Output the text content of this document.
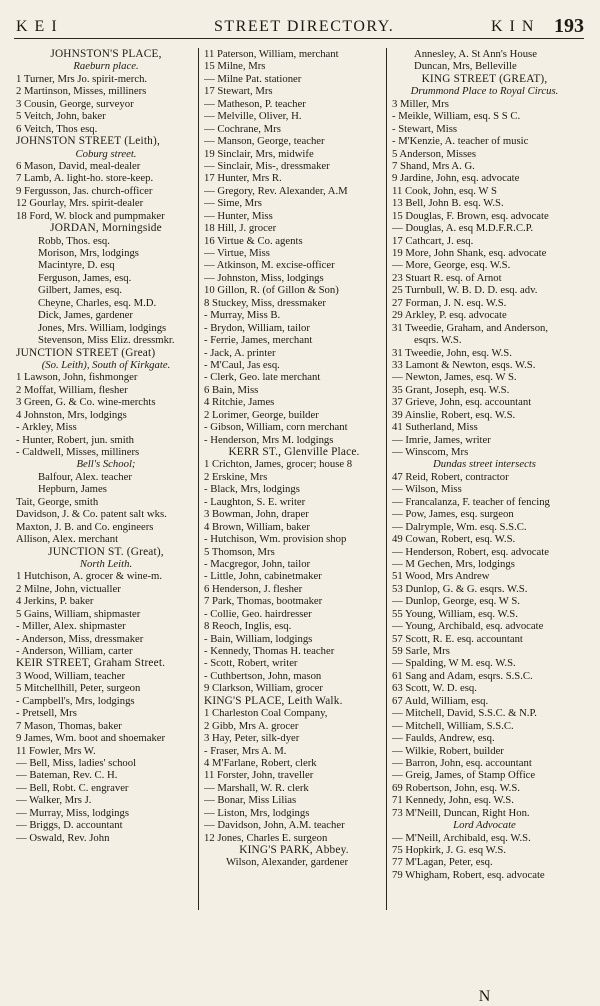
KEI	STREET DIRECTORY.	KIN 193
JOHNSTON'S PLACE,
Raeburn place.
1 Turner, Mrs Jo. spirit-merch.
2 Martinson, Misses, milliners
3 Cousin, George, surveyor
5 Veitch, John, baker
6 Veitch, Thos esq.
JOHNSTON STREET (Leith),
Coburg street.
6 Mason, David, meal-dealer
7 Lamb, A. light-ho. store-keep.
9 Fergusson, Jas. church-officer
12 Gourlay, Mrs. spirit-dealer
18 Ford, W. block and pumpmaker
JORDAN, Morningside
Robb, Thos. esq.
Morison, Mrs, lodgings
Macintyre, D. esq
Ferguson, James, esq.
Gilbert, James, esq.
Cheyne, Charles, esq. M.D.
Dick, James, gardener
Jones, Mrs. William, lodgings
Stevenson, Miss Eliz. dressmkr.
JUNCTION STREET (Great)
(So. Leith), South of Kirkgate.
1 Lawson, John, fishmonger
2 Moffat, William, flesher
3 Green, G. & Co. wine-merchts
4 Johnston, Mrs, lodgings
- Arkley, Miss
- Hunter, Robert, jun. smith
- Caldwell, Misses, milliners
Bell's School;
Balfour, Alex. teacher
Hepburn, James
Tait, George, smith
Davidson, J. & Co. patent salt wks.
Maxton, J. B. and Co. engineers
Allison, Alex. merchant
JUNCTION ST. (Great),
North Leith.
1 Hutchison, A. grocer & wine-m.
2 Milne, John, victualler
4 Jerkins, P. baker
5 Gains, William, shipmaster
- Miller, Alex. shipmaster
- Anderson, Miss, dressmaker
- Anderson, William, carter
KEIR STREET, Graham Street.
3 Wood, William, teacher
5 Mitchellhill, Peter, surgeon
- Campbell's, Mrs, lodgings
- Pretsell, Mrs
7 Mason, Thomas, baker
9 James, Wm. boot and shoemaker
11 Fowler, Mrs W.
— Bell, Miss, ladies' school
— Bateman, Rev. C. H.
— Bell, Robt. C. engraver
— Walker, Mrs J.
— Murray, Miss, lodgings
— Briggs, D. accountant
— Oswald, Rev. John
11 Paterson, William, merchant
15 Milne, Mrs
— Milne Pat. stationer
17 Stewart, Mrs
— Matheson, P. teacher
— Melville, Oliver, H.
— Cochrane, Mrs
— Manson, George, teacher
19 Sinclair, Mrs, midwife
— Sinclair, Mis-, dressmaker
17 Hunter, Mrs R.
— Gregory, Rev. Alexander, A.M
— Sime, Mrs
— Hunter, Miss
18 Hill, J. grocer
16 Virtue & Co. agents
— Virtue, Miss
— Atkinson, M. excise-officer
— Johnston, Miss, lodgings
10 Gillon, R. (of Gillon & Son)
8 Stuckey, Miss, dressmaker
- Murray, Miss B.
- Brydon, William, tailor
- Ferrie, James, merchant
- Jack, A. printer
- M'Caul, Jas esq.
- Clerk, Geo. late merchant
6 Bain, Miss
4 Ritchie, James
2 Lorimer, George, builder
- Gibson, William, corn merchant
- Henderson, Mrs M. lodgings
KERR ST., Glenville Place.
1 Crichton, James, grocer; house 8
2 Erskine, Mrs
- Black, Mrs, lodgings
- Laughton, S. E. writer
3 Bowman, John, draper
4 Brown, William, baker
- Hutchison, Wm. provision shop
5 Thomson, Mrs
- Macgregor, John, tailor
- Little, John, cabinetmaker
6 Henderson, J. flesher
7 Park, Thomas, bootmaker
- Collie, Geo. hairdresser
8 Reoch, Inglis, esq.
- Bain, William, lodgings
- Kennedy, Thomas H. teacher
- Scott, Robert, writer
- Cuthbertson, John, mason
9 Clarkson, William, grocer
KING'S PLACE, Leith Walk.
1 Charleston Coal Company,
2 Gibb, Mrs A. grocer
3 Hay, Peter, silk-dyer
- Fraser, Mrs A. M.
4 M'Farlane, Robert, clerk
11 Forster, John, traveller
— Marshall, W. R. clerk
— Bonar, Miss Lilias
— Liston, Mrs, lodgings
— Davidson, John, A.M. teacher
12 Jones, Charles E. surgeon
KING'S PARK, Abbey.
Wilson, Alexander, gardener
Annesley, A. St Ann's House
Duncan, Mrs, Belleville
KING STREET (GREAT),
Drummond Place to Royal Circus.
3 Miller, Mrs
- Meikle, William, esq. S S C.
- Stewart, Miss
- M'Kenzie, A. teacher of music
5 Anderson, Misses
7 Shand, Mrs A. G.
9 Jardine, John, esq. advocate
11 Cook, John, esq. W S
13 Bell, John B. esq. W.S.
15 Douglas, F. Brown, esq. advocate
— Douglas, A. esq M.D.F.R.C.P.
17 Cathcart, J. esq.
19 More, John Shank, esq. advocate
— More, George, esq. W.S.
23 Stuart R. esq. of Arnot
25 Turnbull, W. B. D. D. esq. adv.
27 Forman, J. N. esq. W.S.
29 Arkley, P. esq. advocate
31 Tweedie, Graham, and Anderson,
esqrs. W.S.
31 Tweedie, John, esq. W.S.
33 Lamont & Newton, esqs. W.S.
— Newton, James, esq. W S.
35 Grant, Joseph, esq. W.S.
37 Grieve, John, esq. accountant
39 Ainslie, Robert, esq. W.S.
41 Sutherland, Miss
— Imrie, James, writer
— Winscom, Mrs
Dundas street intersects
47 Reid, Robert, contractor
— Wilson, Miss
— Francalanza, F. teacher of fencing
— Pow, James, esq. surgeon
— Dalrymple, Wm. esq. S.S.C.
49 Cowan, Robert, esq. W.S.
— Henderson, Robert, esq. advocate
— M Gechen, Mrs, lodgings
51 Wood, Mrs Andrew
53 Dunlop, G. & G. esqrs. W.S.
— Dunlop, George, esq. W S.
55 Young, William, esq. W.S.
— Young, Archibald, esq. advocate
57 Scott, R. E. esq. accountant
59 Sarle, Mrs
— Spalding, W M. esq. W.S.
61 Sang and Adam, esqrs. S.S.C.
63 Scott, W. D. esq.
67 Auld, William, esq.
— Mitchell, David, S.S.C. & N.P.
— Mitchell, William, S.S.C.
— Faulds, Andrew, esq.
— Wilkie, Robert, builder
— Barron, John, esq. accountant
— Greig, James, of Stamp Office
69 Robertson, John, esq. W.S.
71 Kennedy, John, esq. W.S.
73 M'Neill, Duncan, Right Hon.
Lord Advocate
— M'Neill, Archibald, esq. W.S.
75 Hopkirk, J. G. esq W.S.
77 M'Lagan, Peter, esq.
79 Whigham, Robert, esq. advocate
N
